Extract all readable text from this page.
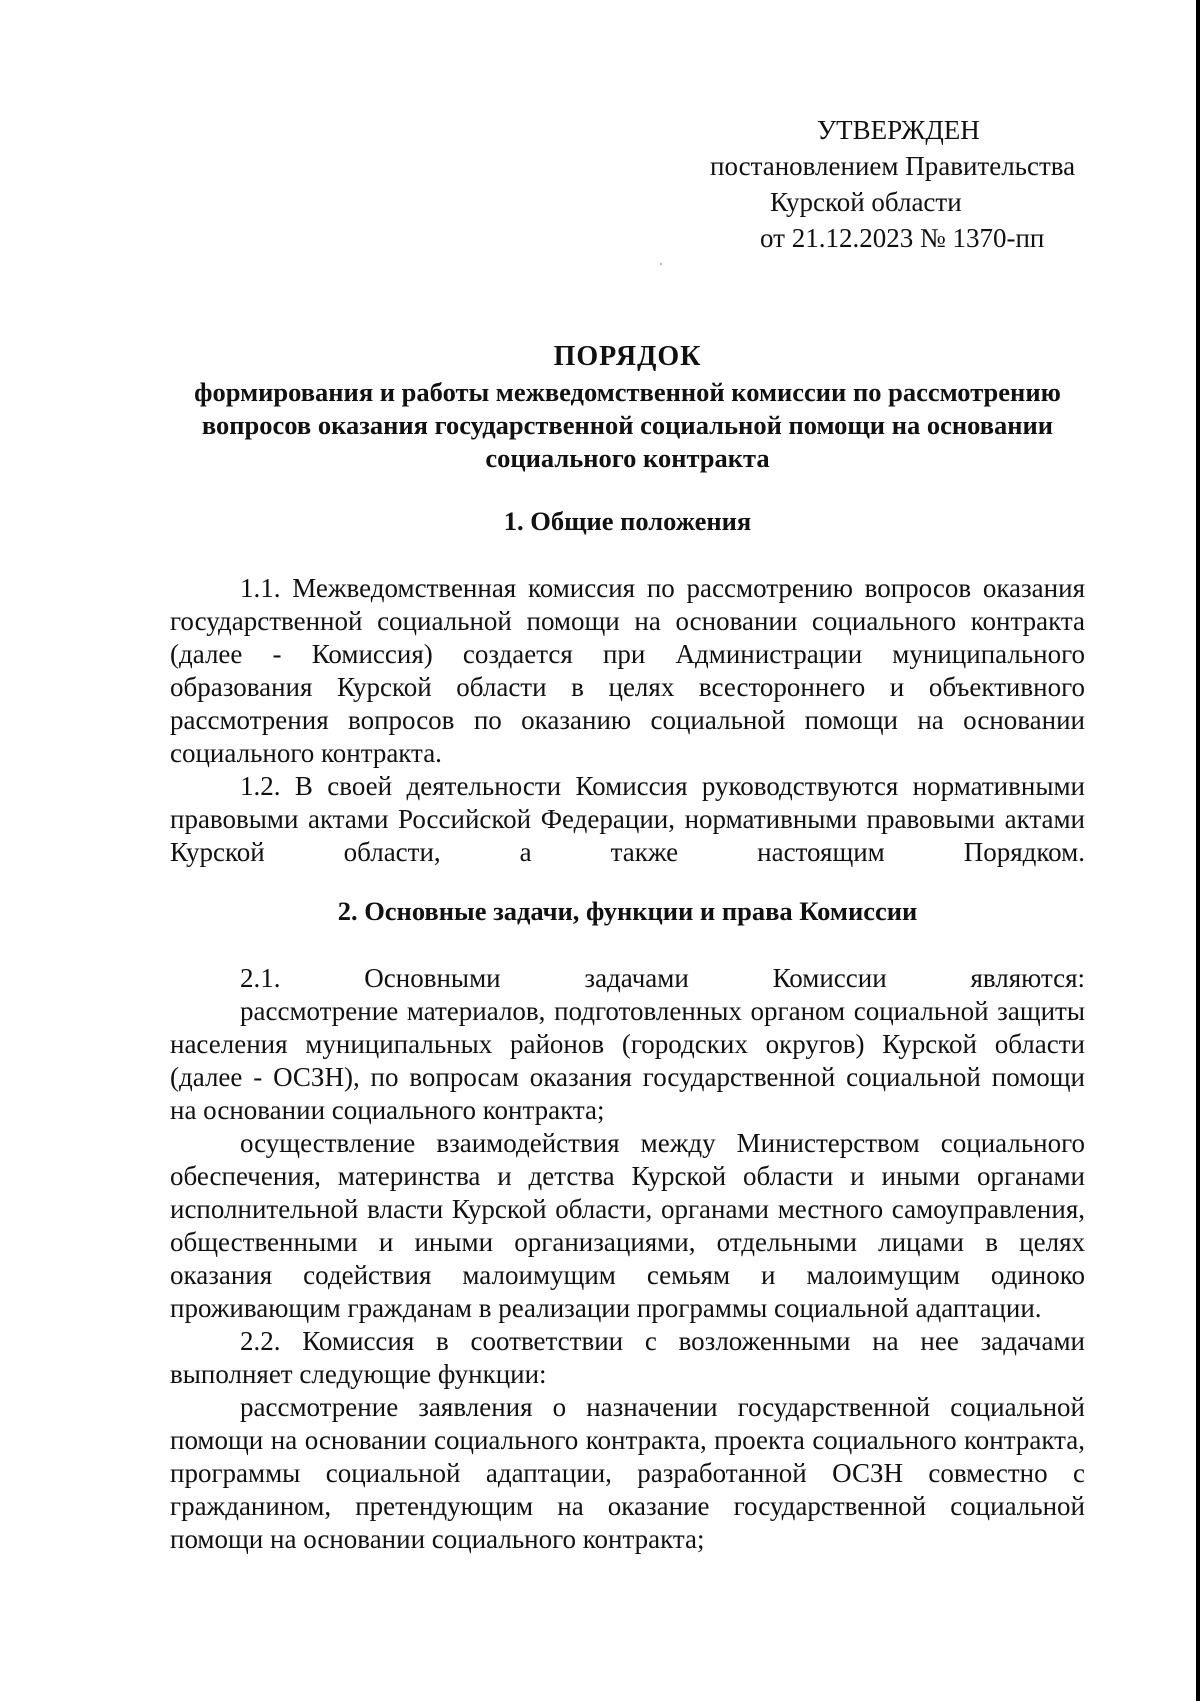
УТВЕРЖДЕН
постановлением Правительства
Курской области
от 21.12.2023 № 1370-пп
ПОРЯДОК
формирования и работы межведомственной комиссии по рассмотрению вопросов оказания государственной социальной помощи на основании социального контракта
1. Общие положения

1.1. Межведомственная комиссия по рассмотрению вопросов оказания государственной социальной помощи на основании социального контракта (далее - Комиссия) создается при Администрации муниципального образования Курской области в целях всестороннего и объективного рассмотрения вопросов по оказанию социальной помощи на основании социального контракта.

1.2. В своей деятельности Комиссия руководствуются нормативными правовыми актами Российской Федерации, нормативными правовыми актами Курской области, а также настоящим Порядком.

2. Основные задачи, функции и права Комиссии

2.1. Основными задачами Комиссии являются:

рассмотрение материалов, подготовленных органом социальной защиты населения муниципальных районов (городских округов) Курской области (далее - ОСЗН), по вопросам оказания государственной социальной помощи на основании социального контракта;

осуществление взаимодействия между Министерством социального обеспечения, материнства и детства Курской области и иными органами исполнительной власти Курской области, органами местного самоуправления, общественными и иными организациями, отдельными лицами в целях оказания содействия малоимущим семьям и малоимущим одиноко проживающим гражданам в реализации программы социальной адаптации.

2.2. Комиссия в соответствии с возложенными на нее задачами выполняет следующие функции:

рассмотрение заявления о назначении государственной социальной помощи на основании социального контракта, проекта социального контракта, программы социальной адаптации, разработанной ОСЗН совместно с гражданином, претендующим на оказание государственной социальной помощи на основании социального контракта;
